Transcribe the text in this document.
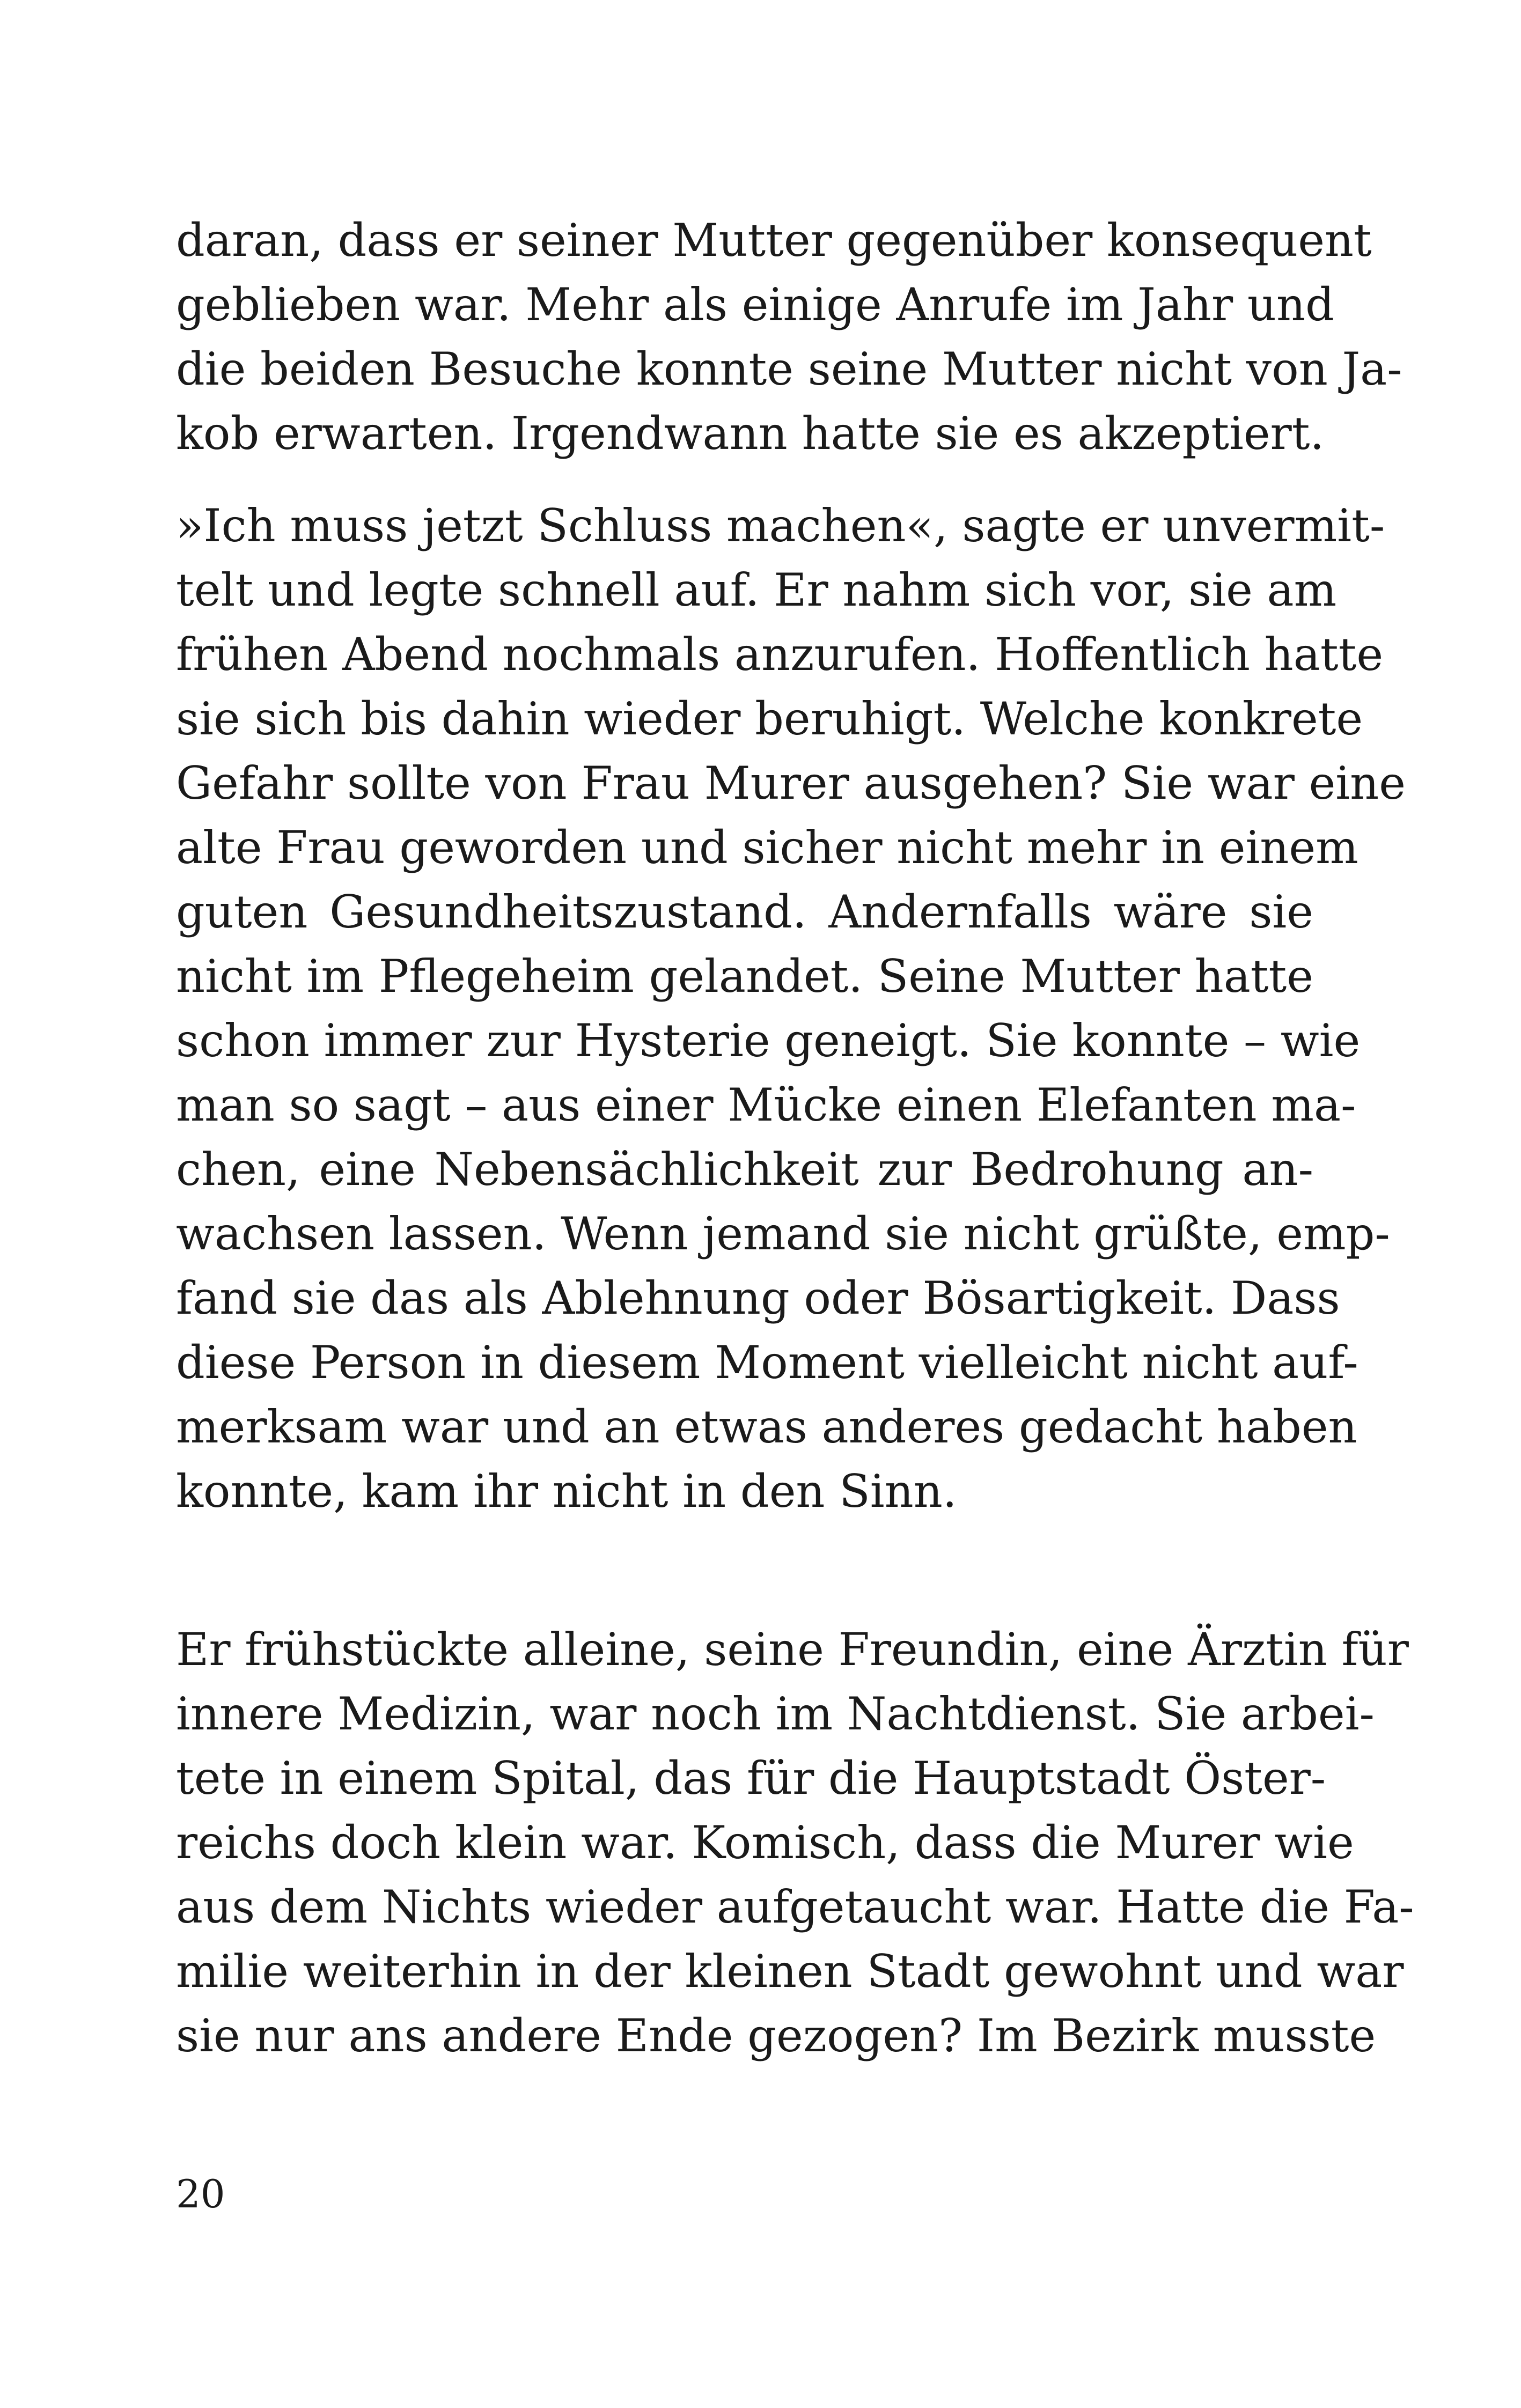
daran, dass er seiner Mutter gegenüber konsequent
geblieben war. Mehr als einige Anrufe im Jahr und
die beiden Besuche konnte seine Mutter nicht von Ja-
kob erwarten. Irgendwann hatte sie es akzeptiert.
»Ich muss jetzt Schluss machen«, sagte er unvermit-
telt und legte schnell auf. Er nahm sich vor, sie am
frühen Abend nochmals anzurufen. Hoffentlich hatte
sie sich bis dahin wieder beruhigt. Welche konkrete
Gefahr sollte von Frau Murer ausgehen? Sie war eine
alte Frau geworden und sicher nicht mehr in einem
guten Gesundheitszustand. Andernfalls wäre sie
nicht im Pflegeheim gelandet. Seine Mutter hatte
schon immer zur Hysterie geneigt. Sie konnte – wie
man so sagt – aus einer Mücke einen Elefanten ma-
chen, eine Nebensächlichkeit zur Bedrohung an-
wachsen lassen. Wenn jemand sie nicht grüßte, emp-
fand sie das als Ablehnung oder Bösartigkeit. Dass
diese Person in diesem Moment vielleicht nicht auf-
merksam war und an etwas anderes gedacht haben
konnte, kam ihr nicht in den Sinn.
Er frühstückte alleine, seine Freundin, eine Ärztin für
innere Medizin, war noch im Nachtdienst. Sie arbei-
tete in einem Spital, das für die Hauptstadt Öster-
reichs doch klein war. Komisch, dass die Murer wie
aus dem Nichts wieder aufgetaucht war. Hatte die Fa-
milie weiterhin in der kleinen Stadt gewohnt und war
sie nur ans andere Ende gezogen? Im Bezirk musste
20
